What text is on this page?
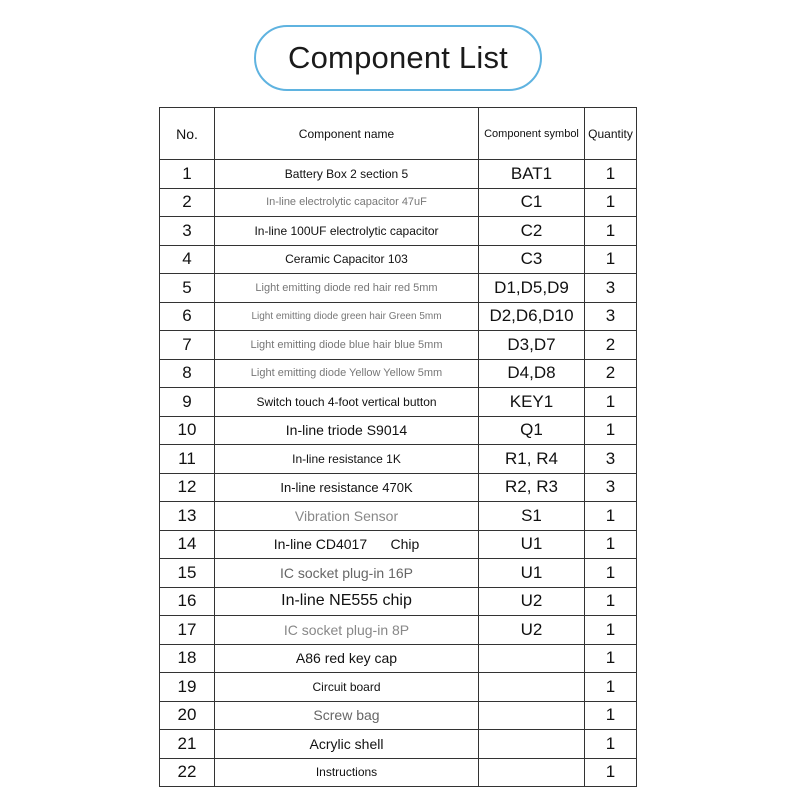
Component List
No.	Component name	Component symbol	Quantity
1	Battery Box 2 section 5	BAT1	1
2	In-line electrolytic capacitor 47uF	C1	1
3	In-line 100UF electrolytic capacitor	C2	1
4	Ceramic Capacitor 103	C3	1
5	Light emitting diode red hair red 5mm	D1,D5,D9	3
6	Light emitting diode green hair Green 5mm	D2,D6,D10	3
7	Light emitting diode blue hair blue 5mm	D3,D7	2
8	Light emitting diode Yellow Yellow 5mm	D4,D8	2
9	Switch touch 4-foot vertical button	KEY1	1
10	In-line triode S9014	Q1	1
11	In-line resistance 1K	R1, R4	3
12	In-line resistance 470K	R2, R3	3
13	Vibration Sensor	S1	1
14	In-line CD4017      Chip	U1	1
15	IC socket plug-in 16P	U1	1
16	In-line NE555 chip	U2	1
17	IC socket plug-in 8P	U2	1
18	A86 red key cap		1
19	Circuit board		1
20	Screw bag		1
21	Acrylic shell		1
22	Instructions		1
